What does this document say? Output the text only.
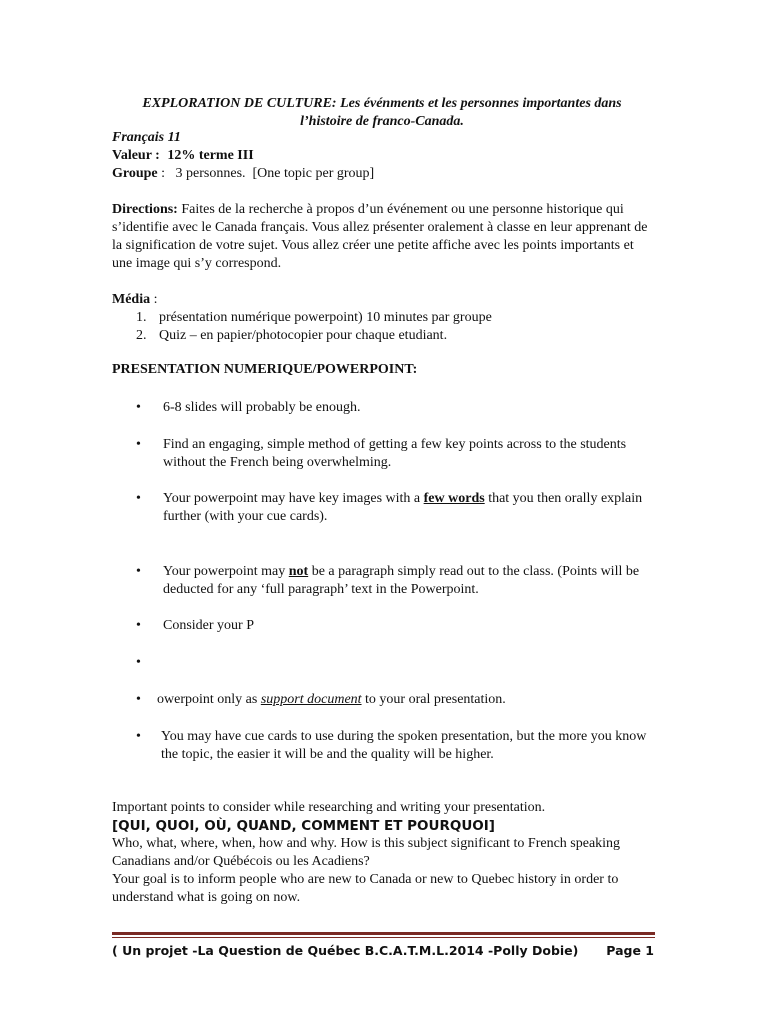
EXPLORATION DE CULTURE: Les événments et les personnes importantes dans
l’histoire de franco-Canada.
Français 11
Valeur : 12% terme III
Groupe :   3 personnes.  [One topic per group]
Directions: Faites de la recherche à propos d’un événement ou une personne historique qui s’identifie avec le Canada français. Vous allez présenter oralement à classe en leur apprenant de la signification de votre sujet. Vous allez créer une petite affiche avec les points importants et une image qui s’y correspond.
Média :
1. présentation numérique powerpoint) 10 minutes par groupe
2. Quiz – en papier/photocopier pour chaque etudiant.
PRESENTATION NUMERIQUE/POWERPOINT:
• 6-8 slides will probably be enough.
• Find an engaging, simple method of getting a few key points across to the students without the French being overwhelming.
• Your powerpoint may have key images with a few words that you then orally explain further (with your cue cards).
• Your powerpoint may not be a paragraph simply read out to the class. (Points will be deducted for any ‘full paragraph’ text in the Powerpoint.
• Consider your P
•
• owerpoint only as support document to your oral presentation.
• You may have cue cards to use during the spoken presentation, but the more you know the topic, the easier it will be and the quality will be higher.
Important points to consider while researching and writing your presentation.
[QUI, QUOI, OÙ, QUAND, COMMENT ET POURQUOI]
Who, what, where, when, how and why. How is this subject significant to French speaking Canadians and/or Québécois ou les Acadiens?
Your goal is to inform people who are new to Canada or new to Quebec history in order to understand what is going on now.
( Un projet -La Question de Québec B.C.A.T.M.L.2014 -Polly Dobie) Page 1
